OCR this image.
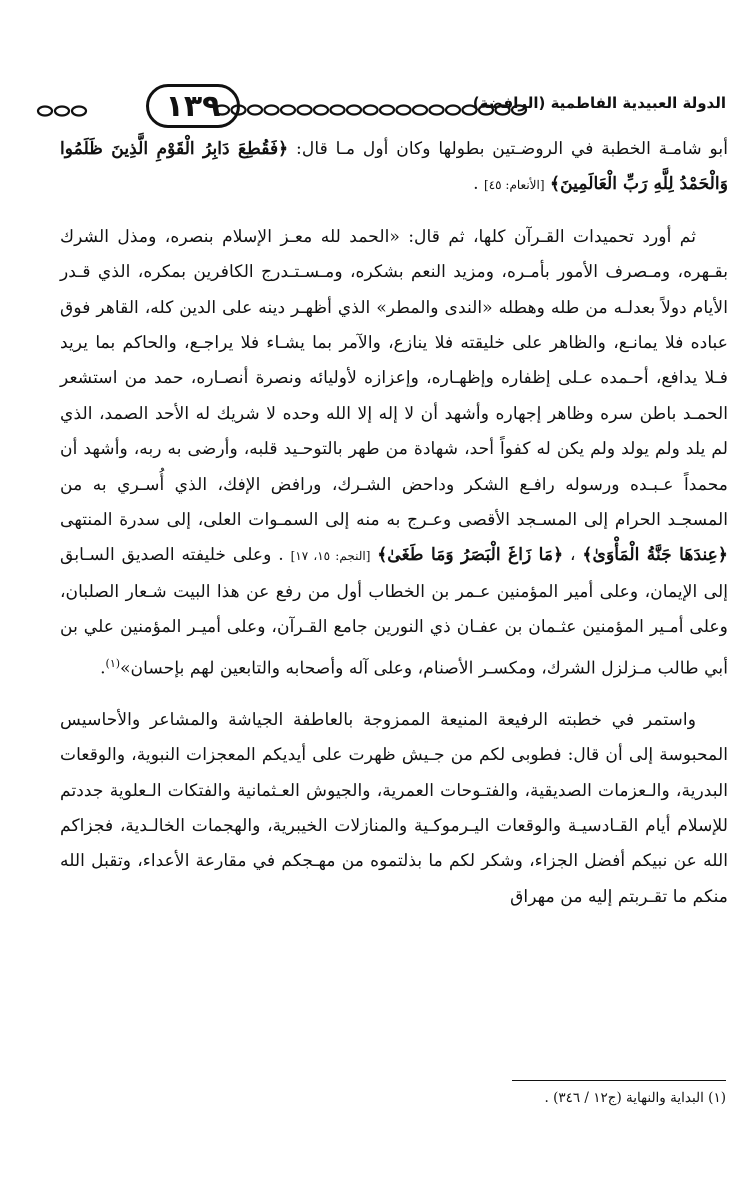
١٣٩	الدولة العبيدية الفاطمية (الرافضة)

أبو شامـة الخطبة في الروضـتين بطولها وكان أول مـا قال: ﴿فَقُطِعَ دَابِرُ الْقَوْمِ الَّذِينَ ظَلَمُوا وَالْحَمْدُ لِلَّهِ رَبِّ الْعَالَمِينَ﴾ [الأنعام: ٤٥] .

ثم أورد تحميدات القـرآن كلها، ثم قال: «الحمد لله معـز الإسلام بنصره، ومذل الشرك بقـهره، ومـصرف الأمور بأمـره، ومزيد النعم بشكره، ومـسـتـدرج الكافرين بمكره، الذي قـدر الأيام دولاً بعدلـه من طله وهطله «الندى والمطر» الذي أظهـر دينه على الدين كله، القاهر فوق عباده فلا يمانـع، والظاهر على خليقته فلا ينازع، والآمر بما يشـاء فلا يراجـع، والحاكم بما يريد فـلا يدافع، أحـمده عـلى إظفاره وإظهـاره، وإعزازه لأوليائه ونصرة أنصـاره، حمد من استشعر الحمـد باطن سره وظاهر إجهاره وأشهد أن لا إله إلا الله وحده لا شريك له الأحد الصمد، الذي لم يلد ولم يولد ولم يكن له كفواً أحد، شهادة من طهر بالتوحـيد قلبه، وأرضى به ربه، وأشهد أن محمداً عـبـده ورسوله رافـع الشكر وداحض الشـرك، ورافض الإفك، الذي أُسـري به من المسجـد الحرام إلى المسـجد الأقصى وعـرج به منه إلى السمـوات العلى، إلى سدرة المنتهى ﴿عِندَهَا جَنَّةُ الْمَأْوَىٰ﴾ ، ﴿مَا زَاغَ الْبَصَرُ وَمَا طَغَىٰ﴾ [النجم: ١٥، ١٧] . وعلى خليفته الصديق السـابق إلى الإيمان، وعلى أمير المؤمنين عـمر بن الخطاب أول من رفع عن هذا البيت شـعار الصلبان، وعلى أمـير المؤمنين عثـمان بن عفـان ذي النورين جامع القـرآن، وعلى أميـر المؤمنين علي بن أبي طالب مـزلزل الشرك، ومكسـر الأصنام، وعلى آله وأصحابه والتابعين لهم بإحسان»$^{(١)}$.

واستمر في خطبته الرفيعة المنيعة الممزوجة بالعاطفة الجياشة والمشاعر والأحاسيس المحبوسة إلى أن قال: فطوبى لكم من جـيش ظهرت على أيديكم المعجزات النبوية، والوقعات البدرية، والـعزمات الصديقية، والفتـوحات العمرية، والجيوش العـثمانية والفتكات الـعلوية جددتم للإسلام أيام القـادسيـة والوقعات اليـرموكـية والمنازلات الخيبرية، والهجمات الخالـدية، فجزاكم الله عن نبيكم أفضل الجزاء، وشكر لكم ما بذلتموه من مهـجكم في مقارعة الأعداء، وتقبل الله منكم ما تقـربتم إليه من مهراق

(١) البداية والنهاية (ج١٢ / ٣٤٦) .
